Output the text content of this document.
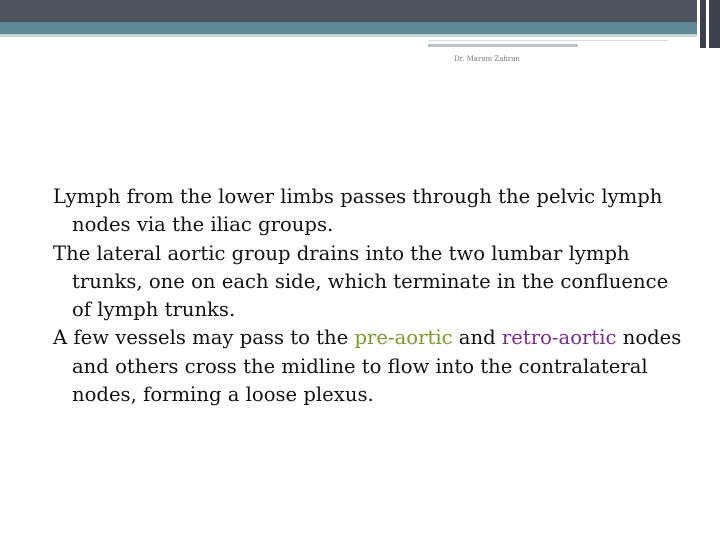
Dr. Maram Zahran

Lymph from the lower limbs passes through the pelvic lymph nodes via the iliac groups.

The lateral aortic group drains into the two lumbar lymph trunks, one on each side, which terminate in the confluence of lymph trunks.

A few vessels may pass to the pre-aortic and retro-aortic nodes and others cross the midline to flow into the contralateral nodes, forming a loose plexus.
